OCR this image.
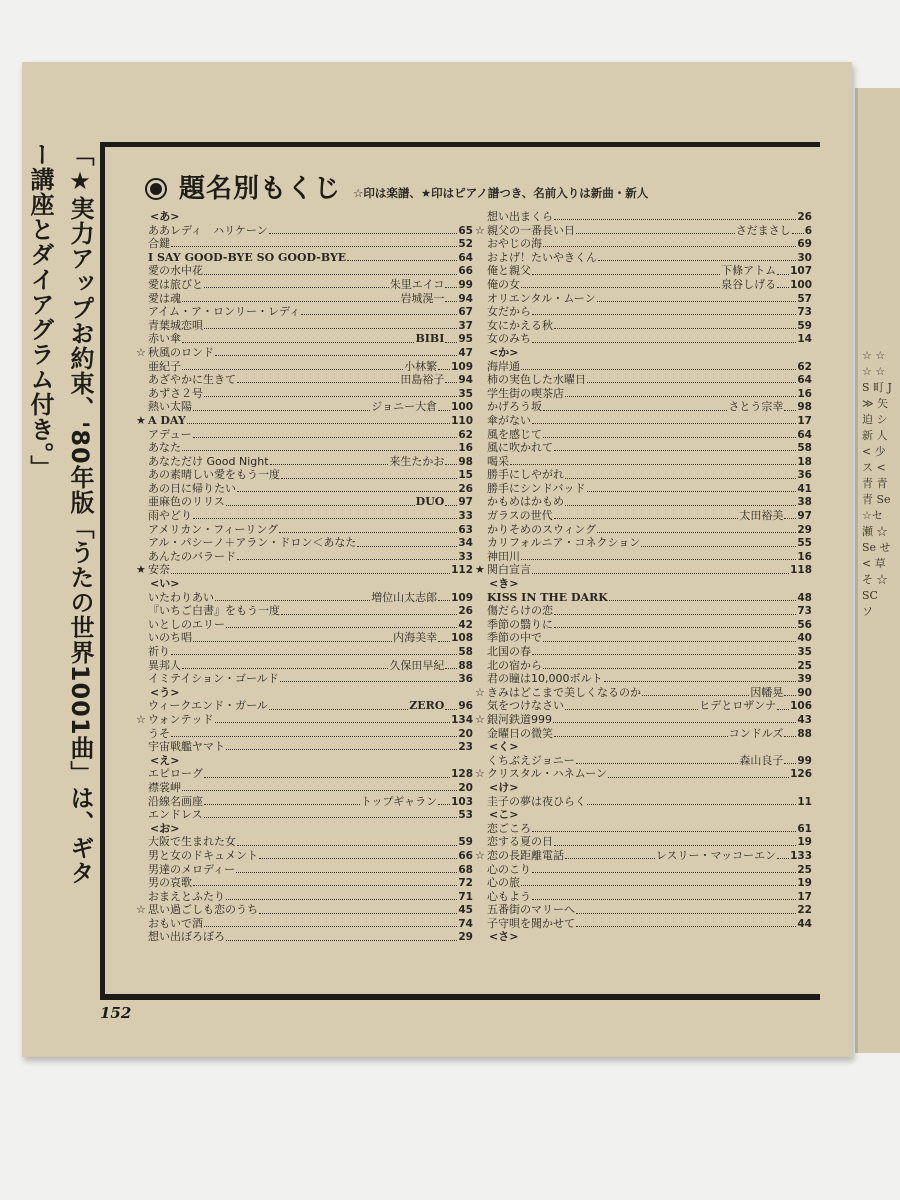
☆ ☆ ☆ ☆ S 町 J ≫ 矢 迫 シ 新 人 < 少 ス < 青 青 青 Se ☆セ 瀬 ☆Se せ < 草 そ ☆SC ソ
「★実力アップお約束、'80年版「うたの世界1001曲」は、ギター講座とダイアグラム付き。」	題名別もくじ ☆印は楽譜、★印はピアノ譜つき、名前入りは新曲・新人
<あ>
ああレディ　ハリケーン	65
合鍵	52
I SAY GOOD-BYE SO GOOD-BYE	64
愛の水中花	66
愛は旅びと	朱里エイコ 99
愛は魂	岩城滉一 94
アイム・ア・ロンリー・レディ	67
青葉城恋唄	37
赤い傘	BIBI 95
☆ 秋風のロンド	47
亜紀子	小林繁 109
あざやかに生きて	田島裕子 94
あずさ２号	35
熱い太陽	ジョニー大倉 100
★ A DAY	110
アデュー	62
あなた	16
あなただけ Good Night	来生たかお 98
あの素晴しい愛をもう一度	15
あの日に帰りたい	26
亜麻色のリリス	DUO 97
雨やどり	33
アメリカン・フィーリング	63
アル・パシーノ＋アラン・ドロン＜あなた	34
あんたのバラード	33
★ 安奈	112
<い>
いたわりあい	増位山太志郎 109
『いちご白書』をもう一度	26
いとしのエリー	42
いのち唱	内海美幸 108
祈り	58
異邦人	久保田早紀 88
イミテイション・ゴールド	36
<う>
ウィークエンド・ガール	ZERO 96
☆ ウォンテッド	134
うそ	20
宇宙戦艦ヤマト	23
<え>
エピローグ	128
襟裳岬	20
沿線名画座	トップギャラン 103
エンドレス	53
<お>
大阪で生まれた女	59
男と女のドキュメント	66
男達のメロディー	68
男の哀歌	72
おまえとふたり	71
☆ 思い過ごしも恋のうち	45
おもいで酒	74
想い出ぼろぼろ	29
想い出まくら	26
☆ 親父の一番長い日	さだまさし 6
おやじの海	69
およげ！たいやきくん	30
俺と親父	下條アトム 107
俺の女	泉谷しげる 100
オリエンタル・ムーン	57
女だから	73
女にかえる秋	59
女のみち	14
<か>
海岸通	62
柿の実色した水曜日	64
学生街の喫茶店	16
かげろう坂	さとう宗幸 98
傘がない	17
風を感じて	64
風に吹かれて	58
喝采	18
勝手にしやがれ	36
勝手にシンドバッド	41
かもめはかもめ	38
ガラスの世代	太田裕美 97
かりそめのスウィング	29
カリフォルニア・コネクション	55
神田川	16
★ 関白宣言	118
<き>
KISS IN THE DARK	48
傷だらけの恋	73
季節の翳りに	56
季節の中で	40
北国の春	35
北の宿から	25
君の瞳は10,000ボルト	39
☆ きみはどこまで美しくなるのか	因幡晃 90
気をつけなさい	ヒデとロザンナ 106
☆ 銀河鉄道999	43
金曜日の微笑	コンドルズ 88
<く>
くちぶえジョニー	森山良子 99
☆ クリスタル・ハネムーン	126
<け>
圭子の夢は夜ひらく	11
<こ>
恋ごころ	61
恋する夏の日	19
☆ 恋の長距離電話	レスリー・マッコーエン 133
心のこり	25
心の旅	19
心もよう	17
五番街のマリーへ	22
子守唄を聞かせて	44
<さ>
152
